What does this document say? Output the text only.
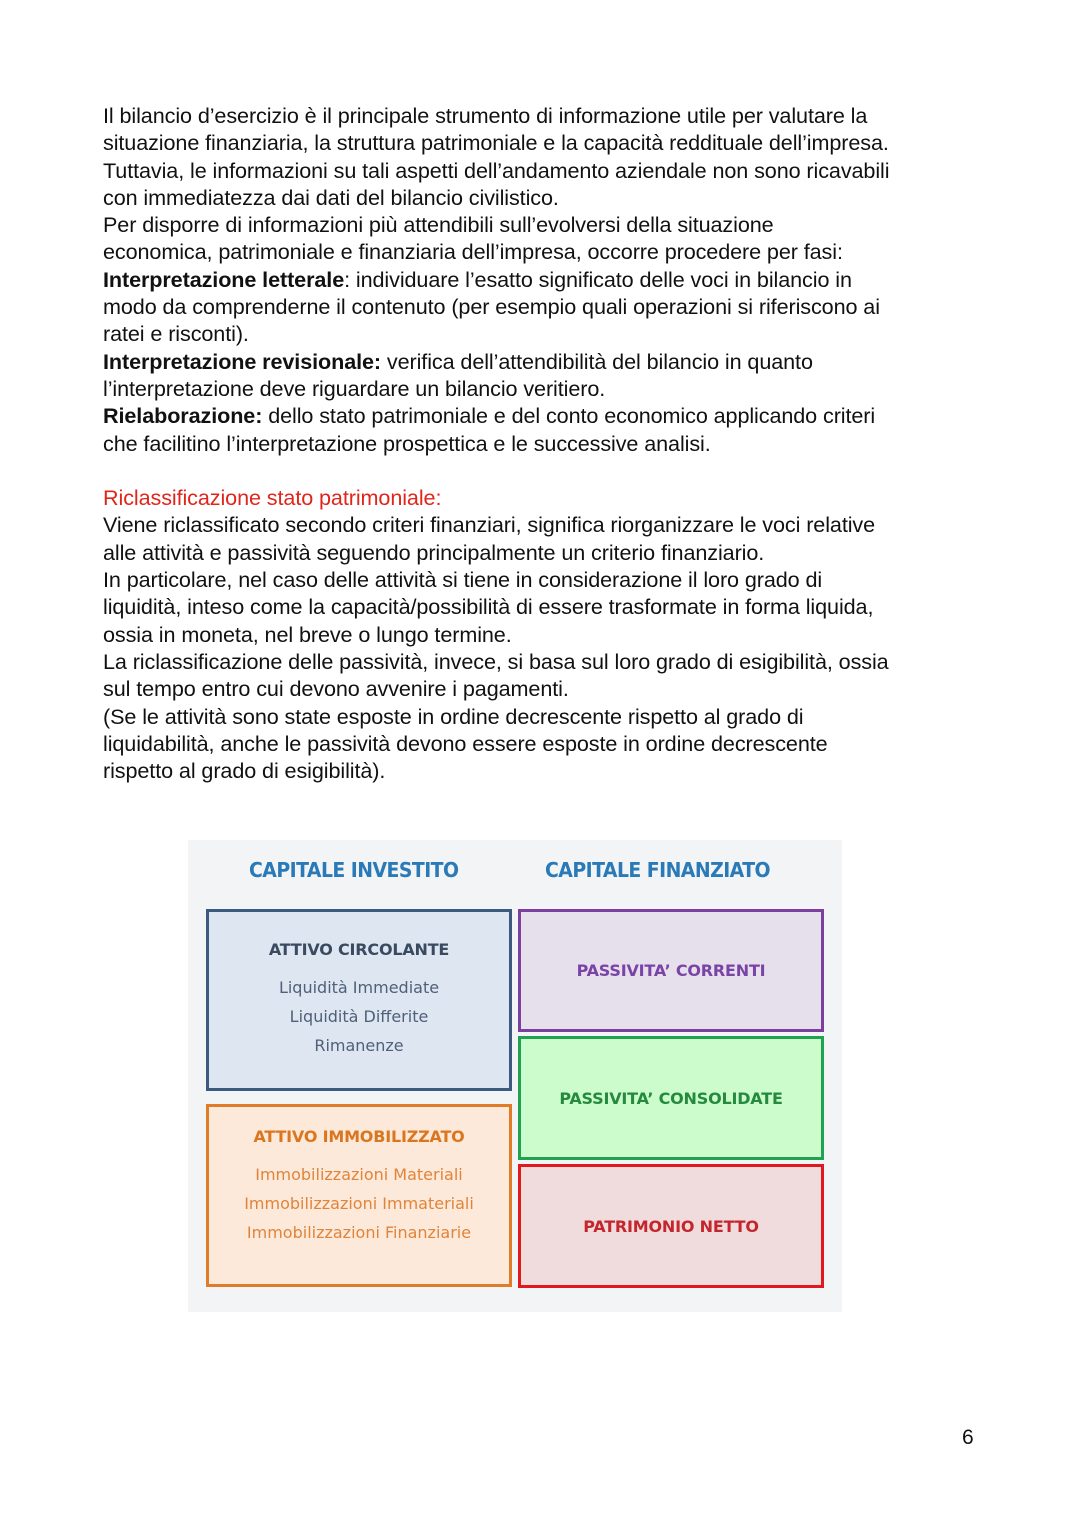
Il bilancio d’esercizio è il principale strumento di informazione utile per valutare la

situazione finanziaria, la struttura patrimoniale e la capacità reddituale dell’impresa.

Tuttavia, le informazioni su tali aspetti dell’andamento aziendale non sono ricavabili

con immediatezza dai dati del bilancio civilistico.

Per disporre di informazioni più attendibili sull’evolversi della situazione

economica, patrimoniale e finanziaria dell’impresa, occorre procedere per fasi:

Interpretazione letterale: individuare l’esatto significato delle voci in bilancio in

modo da comprenderne il contenuto (per esempio quali operazioni si riferiscono ai

ratei e risconti).

Interpretazione revisionale: verifica dell’attendibilità del bilancio in quanto

l’interpretazione deve riguardare un bilancio veritiero.

Rielaborazione: dello stato patrimoniale e del conto economico applicando criteri

che facilitino l’interpretazione prospettica e le successive analisi.

Riclassificazione stato patrimoniale:

Viene riclassificato secondo criteri finanziari, significa riorganizzare le voci relative

alle attività e passività seguendo principalmente un criterio finanziario.

In particolare, nel caso delle attività si tiene in considerazione il loro grado di

liquidità, inteso come la capacità/possibilità di essere trasformate in forma liquida,

ossia in moneta, nel breve o lungo termine.

La riclassificazione delle passività, invece, si basa sul loro grado di esigibilità, ossia

sul tempo entro cui devono avvenire i pagamenti.

(Se le attività sono state esposte in ordine decrescente rispetto al grado di

liquidabilità, anche le passività devono essere esposte in ordine decrescente

rispetto al grado di esigibilità).

CAPITALE INVESTITO	CAPITALE FINANZIATO
ATTIVO CIRCOLANTE
Liquidità Immediate
Liquidità Differite
Rimanenze
ATTIVO IMMOBILIZZATO
Immobilizzazioni Materiali
Immobilizzazioni Immateriali
Immobilizzazioni Finanziarie
PASSIVITA’ CORRENTI
PASSIVITA’ CONSOLIDATE
PATRIMONIO NETTO
6
